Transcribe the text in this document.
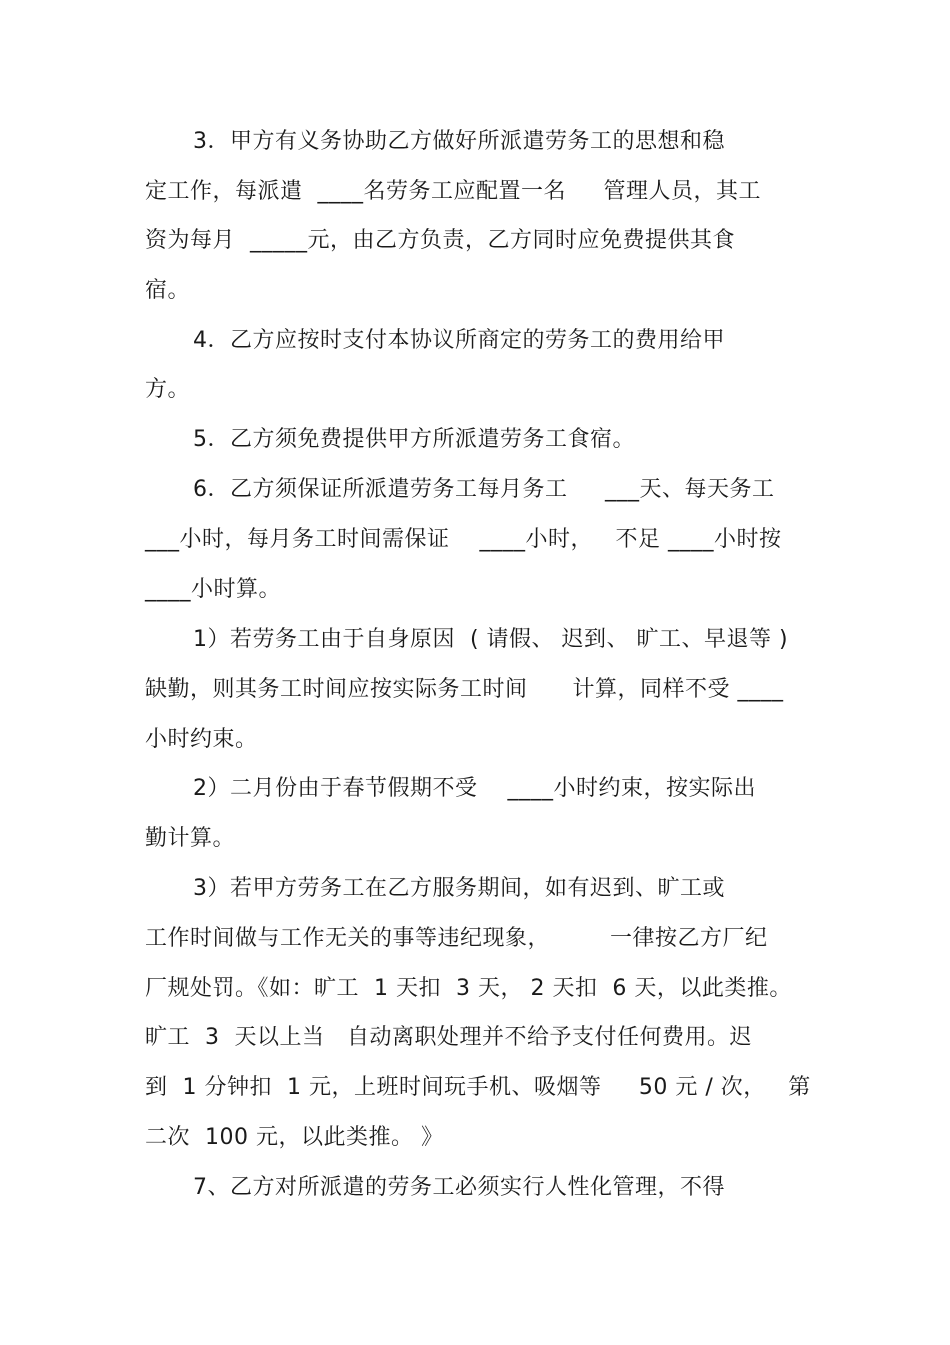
3．甲方有义务协助乙方做好所派遣劳务工的思想和稳
定工作，每派遣  ____名劳务工应配置一名     管理人员，其工
资为每月  _____元，由乙方负责，乙方同时应免费提供其食
宿。
4．乙方应按时支付本协议所商定的劳务工的费用给甲
方。
5．乙方须免费提供甲方所派遣劳务工食宿。
6．乙方须保证所派遣劳务工每月务工     ___天、每天务工
___小时，每月务工时间需保证    ____小时，   不足 ____小时按
____小时算。
1）若劳务工由于自身原因  ( 请假、 迟到、 旷工、早退等 )
缺勤，则其务工时间应按实际务工时间      计算，同样不受 ____
小时约束。
2）二月份由于春节假期不受    ____小时约束，按实际出
勤计算。
3）若甲方劳务工在乙方服务期间，如有迟到、旷工或
工作时间做与工作无关的事等违纪现象，        一律按乙方厂纪
厂规处罚。《如：旷工  1 天扣  3 天， 2 天扣  6 天，以此类推。
旷工  3  天以上当   自动离职处理并不给予支付任何费用。迟
到  1 分钟扣  1 元，上班时间玩手机、吸烟等     50 元 / 次，   第
二次  100 元，以此类推。 》
7、乙方对所派遣的劳务工必须实行人性化管理，不得
